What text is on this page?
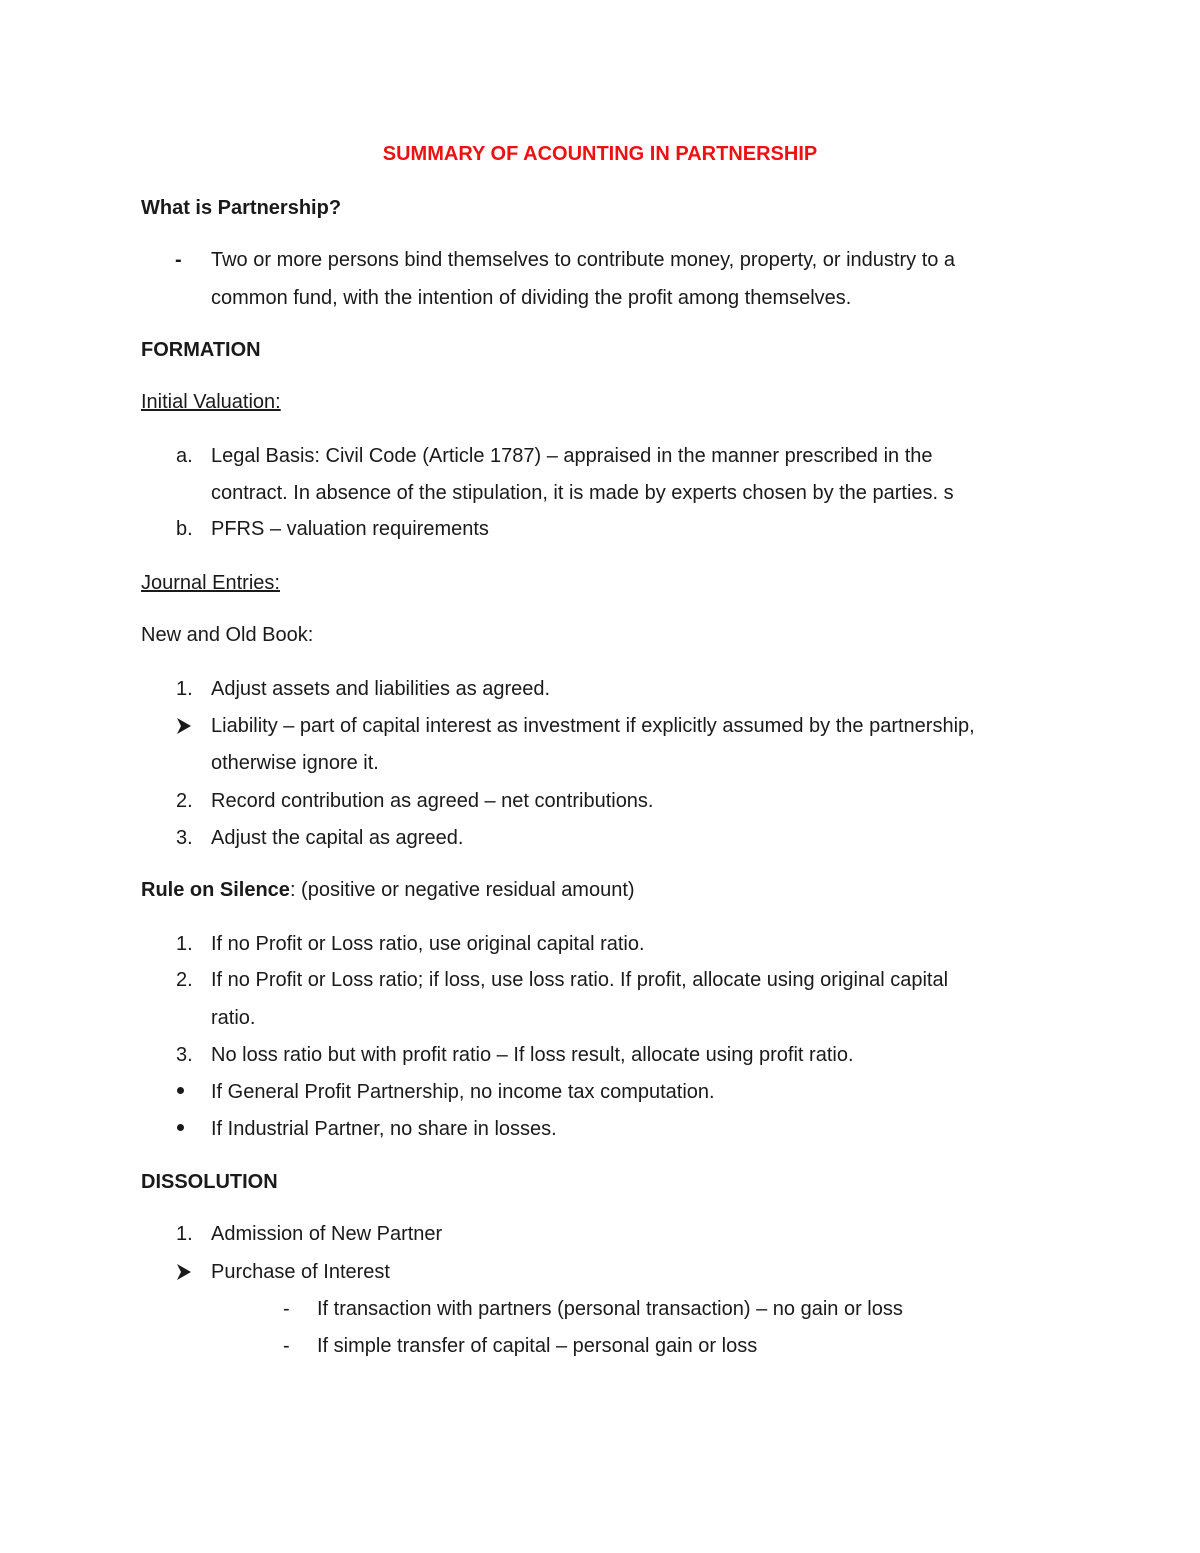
SUMMARY OF ACOUNTING IN PARTNERSHIP
What is Partnership?
- Two or more persons bind themselves to contribute money, property, or industry to a
common fund, with the intention of dividing the profit among themselves.
FORMATION
Initial Valuation:
a. Legal Basis: Civil Code (Article 1787) – appraised in the manner prescribed in the
contract. In absence of the stipulation, it is made by experts chosen by the parties. s
b. PFRS – valuation requirements
Journal Entries:
New and Old Book:
1. Adjust assets and liabilities as agreed.
Liability – part of capital interest as investment if explicitly assumed by the partnership,
otherwise ignore it.
2. Record contribution as agreed – net contributions.
3. Adjust the capital as agreed.
Rule on Silence: (positive or negative residual amount)
1. If no Profit or Loss ratio, use original capital ratio.
2. If no Profit or Loss ratio; if loss, use loss ratio. If profit, allocate using original capital
ratio.
3. No loss ratio but with profit ratio – If loss result, allocate using profit ratio.
If General Profit Partnership, no income tax computation.
If Industrial Partner, no share in losses.
DISSOLUTION
1. Admission of New Partner
Purchase of Interest
- If transaction with partners (personal transaction) – no gain or loss
- If simple transfer of capital – personal gain or loss
